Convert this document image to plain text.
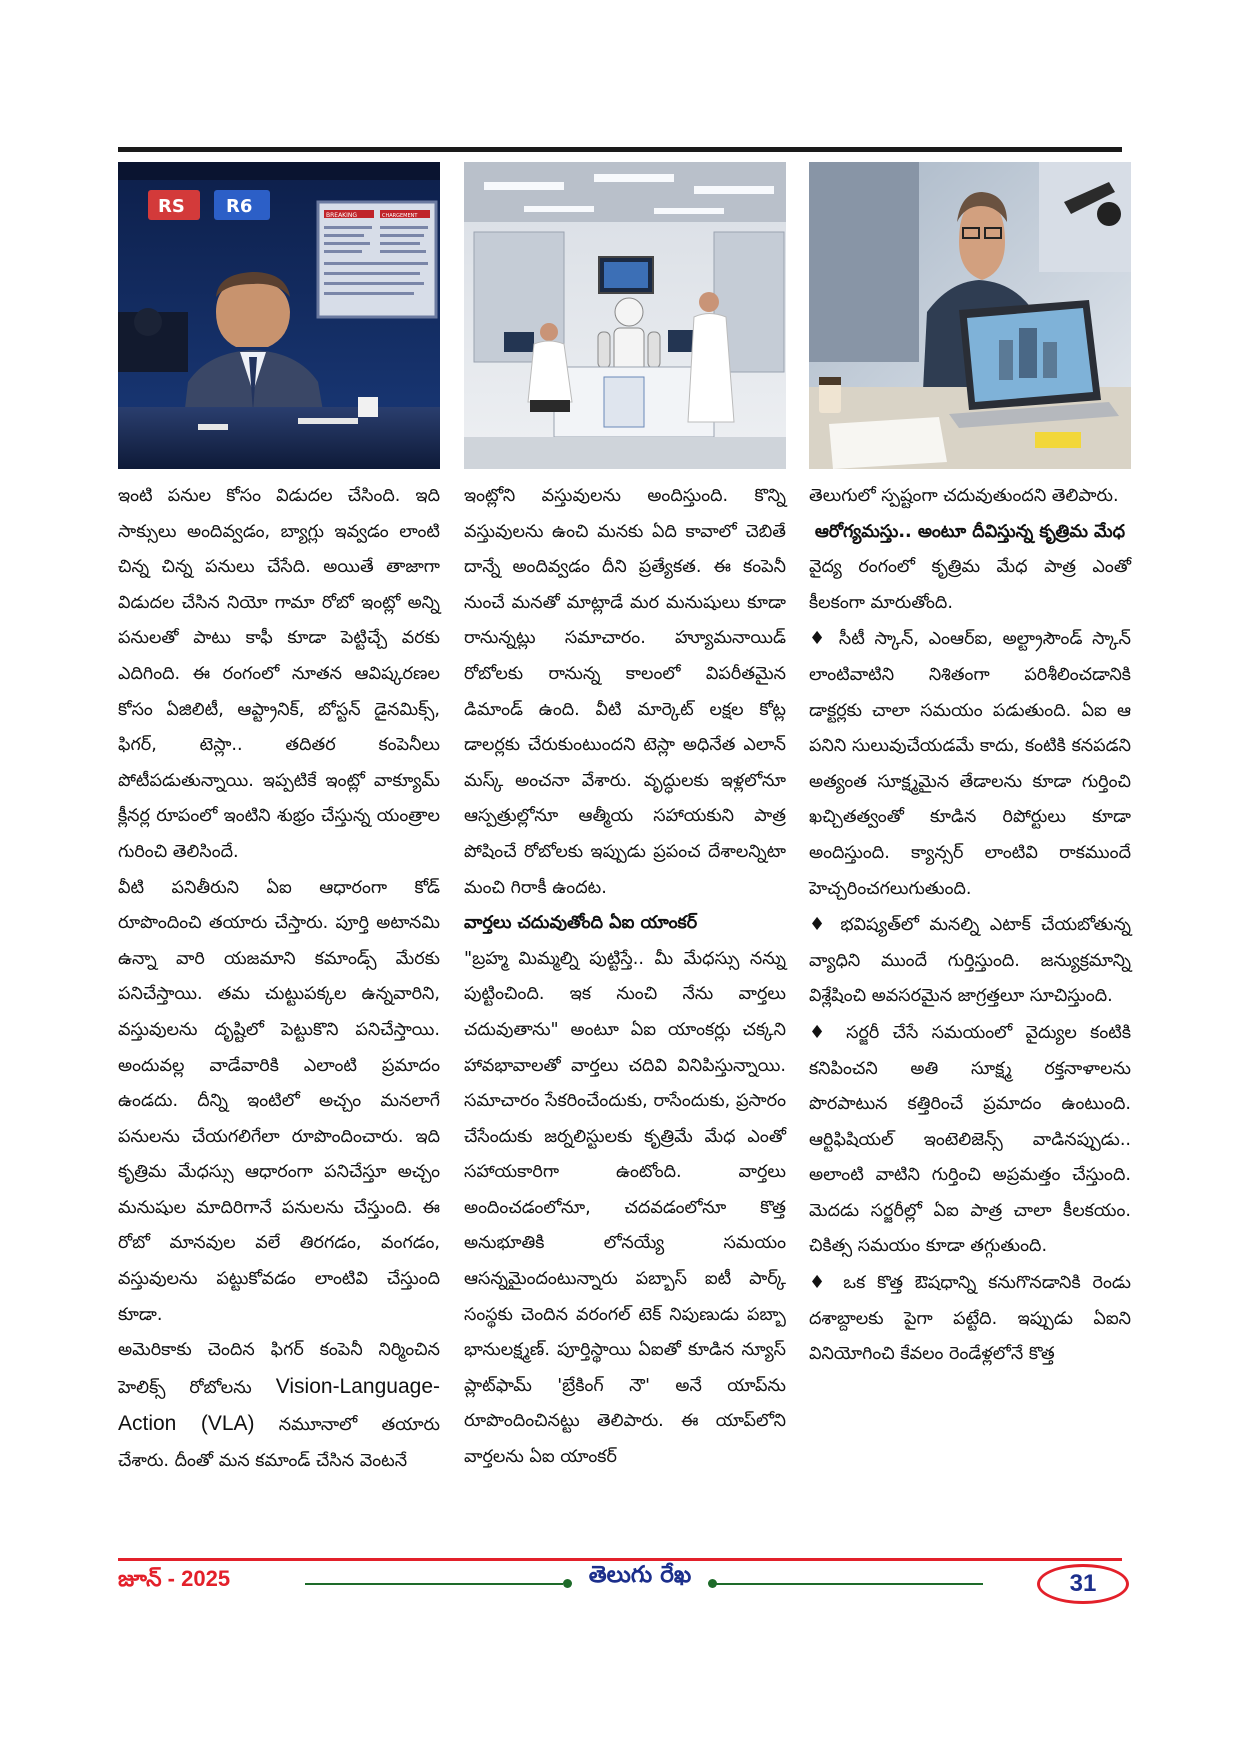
BREAKING	CHARGEMENT
RS R6

ఇంటి పనుల కోసం విడుదల చేసింది. ఇది సాక్సులు అందివ్వడం, బ్యాగ్లు ఇవ్వడం లాంటి చిన్న చిన్న పనులు చేసేది. అయితే తాజాగా విడుదల చేసిన నియో గామా రోబో ఇంట్లో అన్ని పనులతో పాటు కాఫీ కూడా పెట్టిచ్చే వరకు ఎదిగింది. ఈ రంగంలో నూతన ఆవిష్కరణల కోసం ఏజిలిటీ, ఆప్ట్రానిక్, బోస్టన్ డైనమిక్స్, ఫిగర్, టెస్లా.. తదితర కంపెనీలు పోటీపడుతున్నాయి. ఇప్పటికే ఇంట్లో వాక్యూమ్ క్లీనర్ల రూపంలో ఇంటిని శుభ్రం చేస్తున్న యంత్రాల గురించి తెలిసిందే.

వీటి పనితీరుని ఏఐ ఆధారంగా కోడ్ రూపొందించి తయారు చేస్తారు. పూర్తి అటానమి ఉన్నా వారి యజమాని కమాండ్స్ మేరకు పనిచేస్తాయి. తమ చుట్టుపక్కల ఉన్నవారిని, వస్తువులను దృష్టిలో పెట్టుకొని పనిచేస్తాయి. అందువల్ల వాడేవారికి ఎలాంటి ప్రమాదం ఉండదు. దీన్ని ఇంటిలో అచ్చం మనలాగే పనులను చేయగలిగేలా రూపొందించారు. ఇది కృత్రిమ మేధస్సు ఆధారంగా పనిచేస్తూ అచ్చం మనుషుల మాదిరిగానే పనులను చేస్తుంది. ఈ రోబో మానవుల వలే తిరగడం, వంగడం, వస్తువులను పట్టుకోవడం లాంటివి చేస్తుంది కూడా.

అమెరికాకు చెందిన ఫిగర్ కంపెనీ నిర్మించిన హెలిక్స్ రోబోలను Vision-Language-Action (VLA) నమూనాలో తయారు చేశారు. దీంతో మన కమాండ్ చేసిన వెంటనే

ఇంట్లోని వస్తువులను అందిస్తుంది. కొన్ని వస్తువులను ఉంచి మనకు ఏది కావాలో చెబితే దాన్నే అందివ్వడం దీని ప్రత్యేకత. ఈ కంపెనీ నుంచే మనతో మాట్లాడే మర మనుషులు కూడా రానున్నట్లు సమాచారం. హ్యూమనాయిడ్ రోబోలకు రానున్న కాలంలో విపరీతమైన డిమాండ్ ఉంది. వీటి మార్కెట్ లక్షల కోట్ల డాలర్లకు చేరుకుంటుందని టెస్లా అధినేత ఎలాన్ మస్క్ అంచనా వేశారు. వృద్ధులకు ఇళ్లలోనూ ఆస్పత్రుల్లోనూ ఆత్మీయ సహాయకుని పాత్ర పోషించే రోబోలకు ఇప్పుడు ప్రపంచ దేశాలన్నిటా మంచి గిరాకీ ఉందట.

వార్తలు చదువుతోంది ఏఐ యాంకర్

"బ్రహ్మ మిమ్మల్ని పుట్టిస్తే.. మీ మేధస్సు నన్ను పుట్టించింది. ఇక నుంచి నేను వార్తలు చదువుతాను" అంటూ ఏఐ యాంకర్లు చక్కని హావభావాలతో వార్తలు చదివి వినిపిస్తున్నాయి. సమాచారం సేకరించేందుకు, రాసేందుకు, ప్రసారం చేసేందుకు జర్నలిస్టులకు కృత్రిమే మేధ ఎంతో సహాయకారిగా ఉంటోంది. వార్తలు అందించడంలోనూ, చదవడంలోనూ కొత్త అనుభూతికి లోనయ్యే సమయం ఆసన్నమైందంటున్నారు పబ్బాస్ ఐటీ పార్క్ సంస్థకు చెందిన వరంగల్ టెక్ నిపుణుడు పబ్బా భానులక్ష్మణ్. పూర్తిస్థాయి ఏఐతో కూడిన న్యూస్ ప్లాట్‌ఫామ్ 'బ్రేకింగ్ నౌ' అనే యాప్‌ను రూపొందించినట్టు తెలిపారు. ఈ యాప్‌లోని వార్తలను ఏఐ యాంకర్

తెలుగులో స్పష్టంగా చదువుతుందని తెలిపారు.

ఆరోగ్యమస్తు.. అంటూ దీవిస్తున్న కృత్రిమ మేధ

వైద్య రంగంలో కృత్రిమ మేధ పాత్ర ఎంతో కీలకంగా మారుతోంది.

♦ సీటీ స్కాన్, ఎంఆర్ఐ, అల్ట్రాసౌండ్ స్కాన్ లాంటివాటిని నిశితంగా పరిశీలించడానికి డాక్టర్లకు చాలా సమయం పడుతుంది. ఏఐ ఆ పనిని సులువుచేయడమే కాదు, కంటికి కనపడని అత్యంత సూక్ష్మమైన తేడాలను కూడా గుర్తించి ఖచ్చితత్వంతో కూడిన రిపోర్టులు కూడా అందిస్తుంది. క్యాన్సర్ లాంటివి రాకముందే హెచ్చరించగలుగుతుంది.

♦ భవిష్యత్‌లో మనల్ని ఎటాక్ చేయబోతున్న వ్యాధిని ముందే గుర్తిస్తుంది. జన్యుక్రమాన్ని విశ్లేషించి అవసరమైన జాగ్రత్తలూ సూచిస్తుంది.

♦ సర్జరీ చేసే సమయంలో వైద్యుల కంటికి కనిపించని అతి సూక్ష్మ రక్తనాళాలను పొరపాటున కత్తిరించే ప్రమాదం ఉంటుంది. ఆర్టిఫిషియల్ ఇంటెలిజెన్స్ వాడినప్పుడు.. అలాంటి వాటిని గుర్తించి అప్రమత్తం చేస్తుంది. మెదడు సర్జరీల్లో ఏఐ పాత్ర చాలా కీలకయం. చికిత్స సమయం కూడా తగ్గుతుంది.

♦ ఒక కొత్త ఔషధాన్ని కనుగొనడానికి రెండు దశాబ్దాలకు పైగా పట్టేది. ఇప్పుడు ఏఐని వినియోగించి కేవలం రెండేళ్లలోనే కొత్త

జూన్ - 2025	తెలుగు రేఖ	31
